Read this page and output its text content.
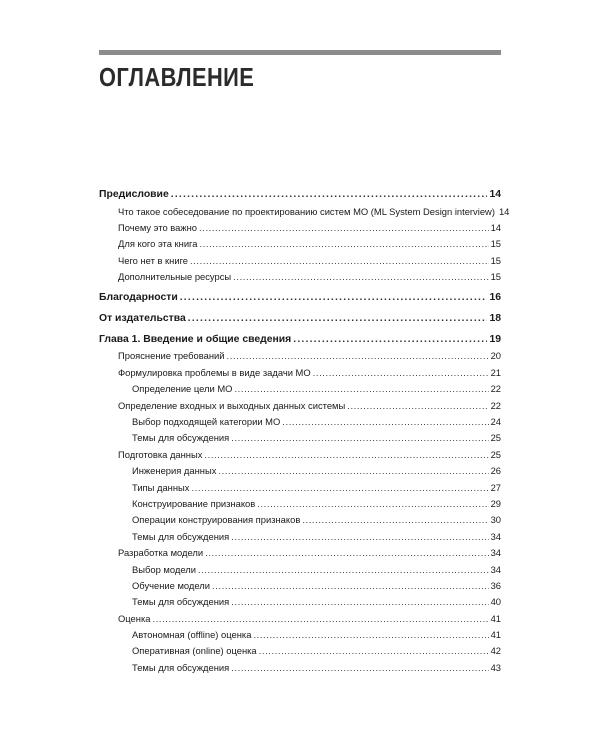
ОГЛАВЛЕНИЕ
Предисловие .....	14
Что такое собеседование по проектированию систем МО (ML System Design interview) 14
Почему это важно .....	14
Для кого эта книга .....	15
Чего нет в книге .....	15
Дополнительные ресурсы .....	15
Благодарности .....	16
От издательства .....	18
Глава 1. Введение и общие сведения .....	19
Прояснение требований .....	20
Формулировка проблемы в виде задачи МО .....	21
Определение цели МО .....	22
Определение входных и выходных данных системы .....	22
Выбор подходящей категории МО .....	24
Темы для обсуждения .....	25
Подготовка данных .....	25
Инженерия данных .....	26
Типы данных .....	27
Конструирование признаков .....	29
Операции конструирования признаков .....	30
Темы для обсуждения .....	34
Разработка модели .....	34
Выбор модели .....	34
Обучение модели .....	36
Темы для обсуждения .....	40
Оценка .....	41
Автономная (offline) оценка .....	41
Оперативная (online) оценка .....	42
Темы для обсуждения .....	43
